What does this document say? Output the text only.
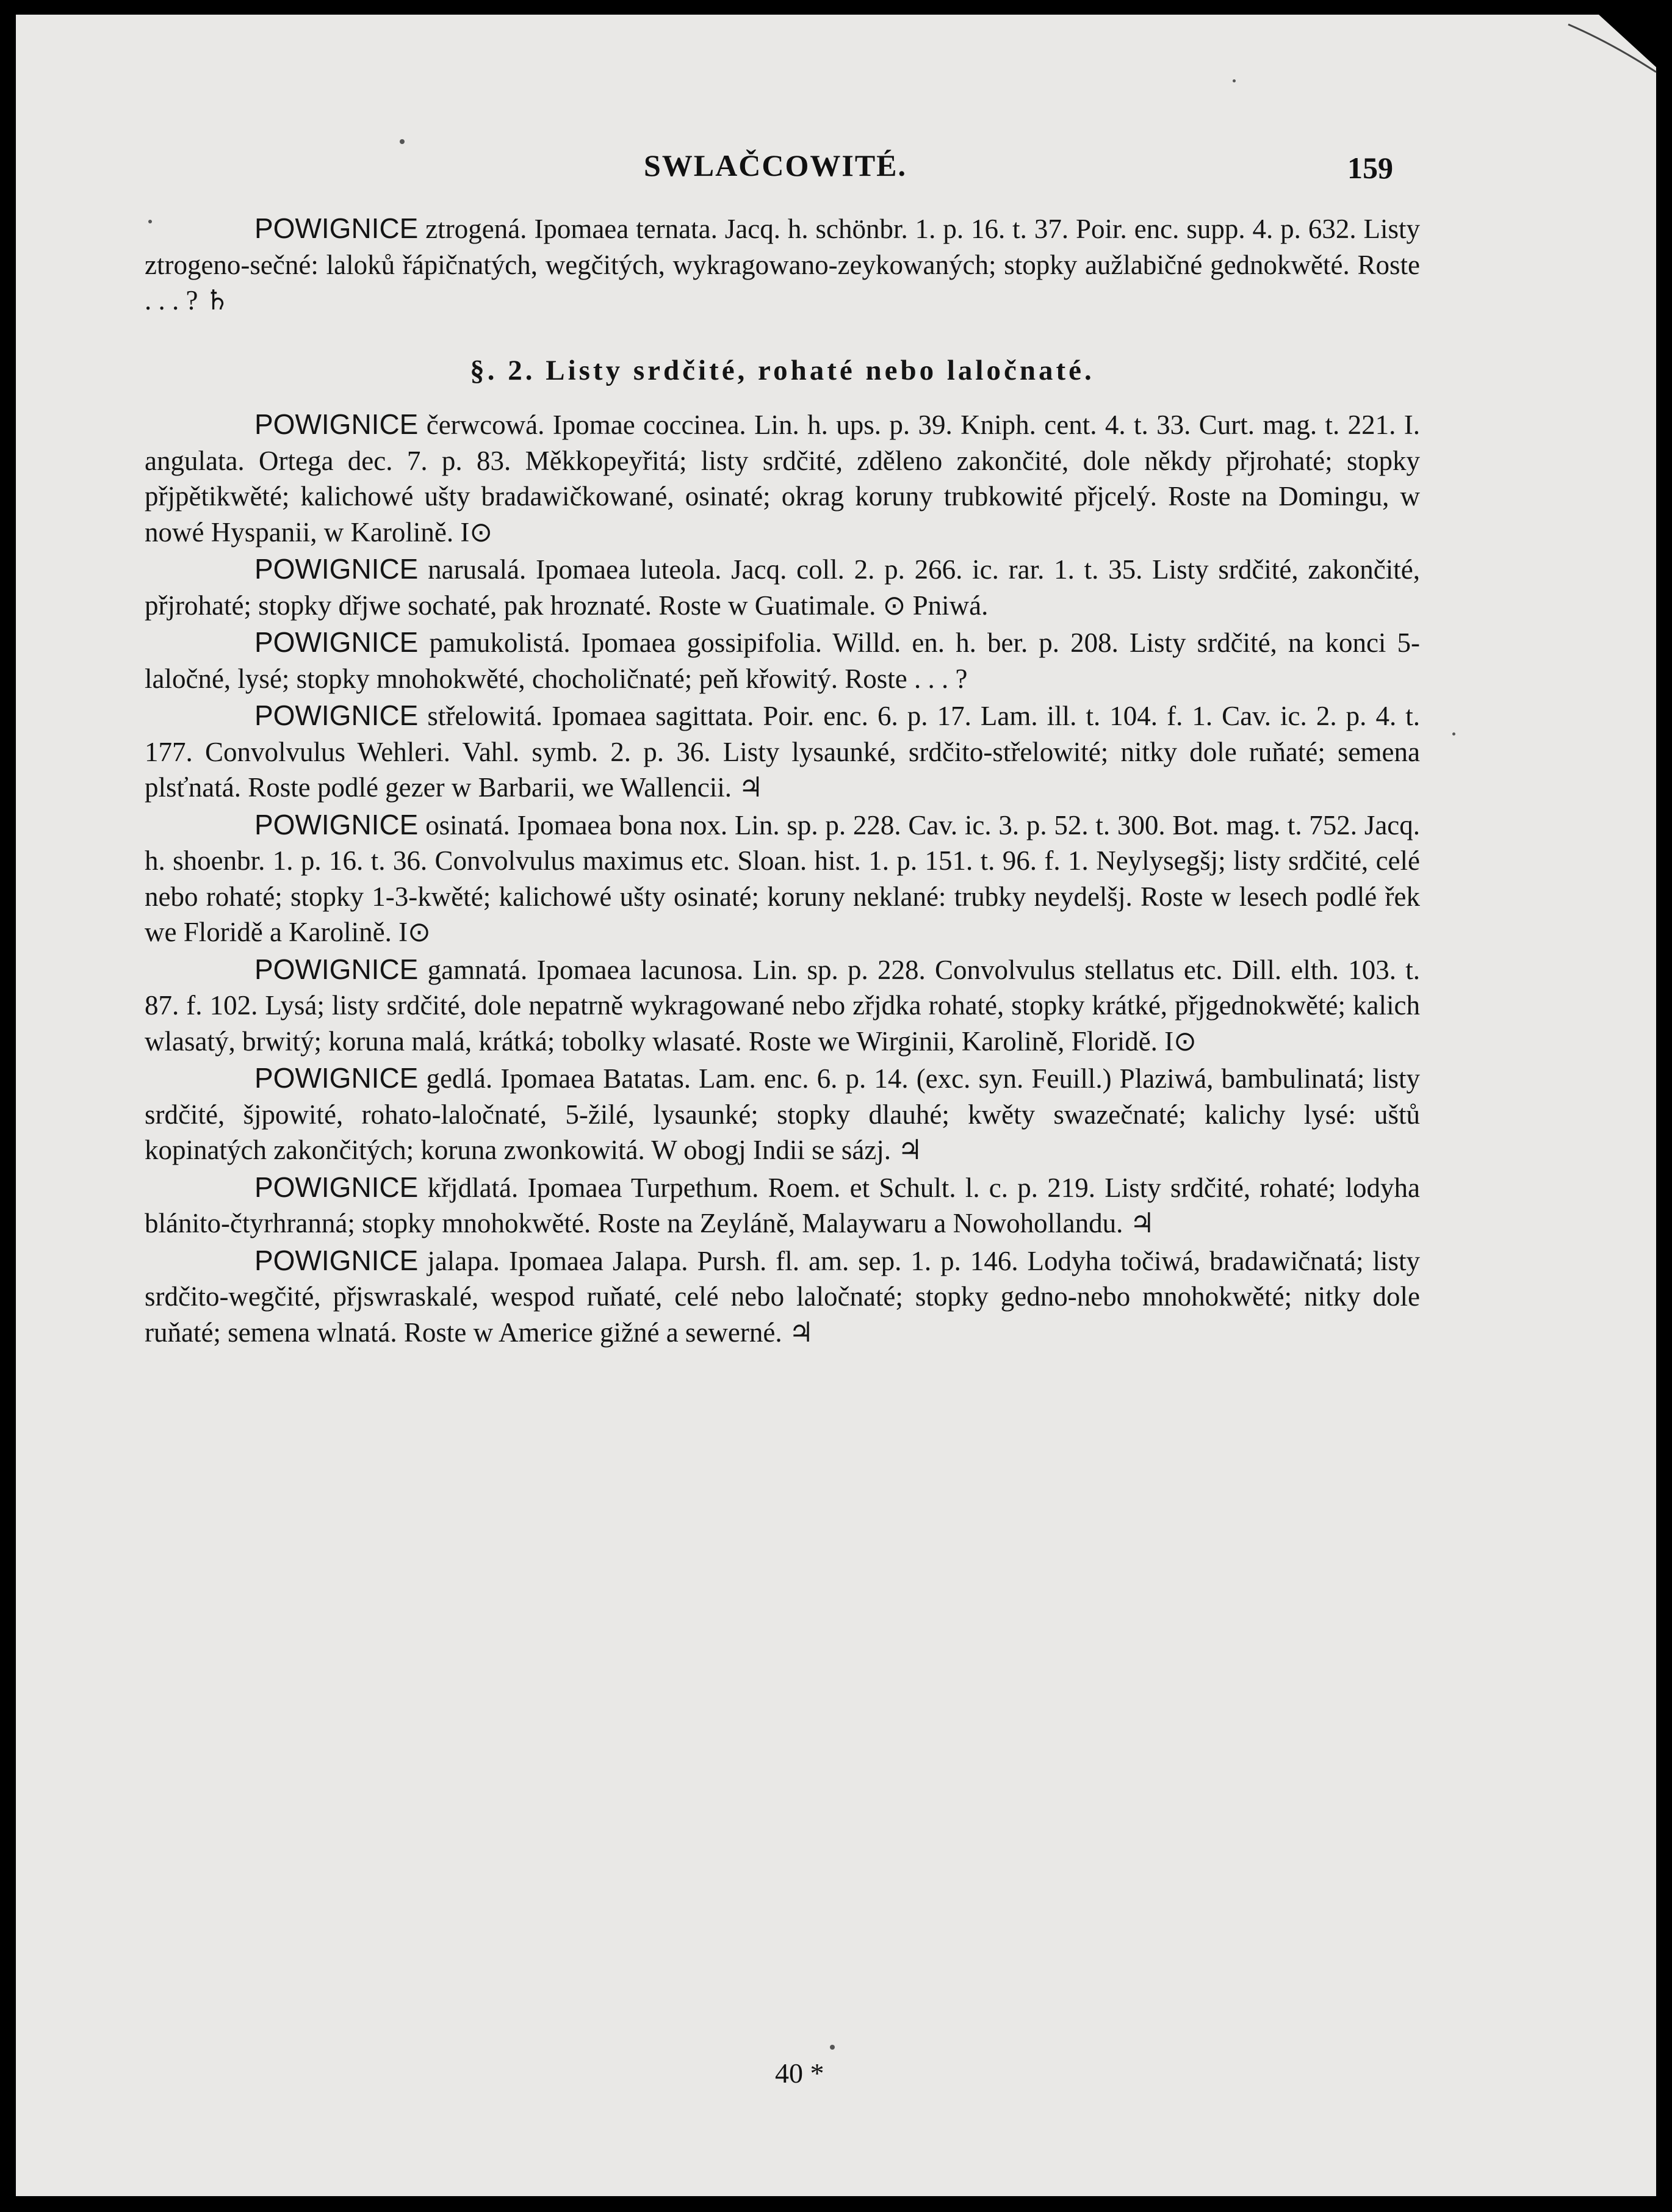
SWLAČCOWITÉ.	159

POWIGNICE ztrogená. Ipomaea ternata. Jacq. h. schönbr. 1. p. 16. t. 37. Poir. enc. supp. 4. p. 632. Listy ztrogeno-sečné: laloků řápičnatých, wegčitých, wykragowano-zeykowaných; stopky aužlabičné gednokwěté. Roste . . . ? ♄

§. 2. Listy srdčité, rohaté nebo laločnaté.

POWIGNICE čerwcowá. Ipomae coccinea. Lin. h. ups. p. 39. Kniph. cent. 4. t. 33. Curt. mag. t. 221. I. angulata. Ortega dec. 7. p. 83. Měkkopeyřitá; listy srdčité, zděleno zakončité, dole někdy přjrohaté; stopky přjpětikwěté; kalichowé ušty bradawičkowané, osinaté; okrag koruny trubkowité přjcelý. Roste na Domingu, w nowé Hyspanii, w Karolině. I⊙

POWIGNICE narusalá. Ipomaea luteola. Jacq. coll. 2. p. 266. ic. rar. 1. t. 35. Listy srdčité, zakončité, přjrohaté; stopky dřjwe sochaté, pak hroznaté. Roste w Guatimale. ⊙ Pniwá.

POWIGNICE pamukolistá. Ipomaea gossipifolia. Willd. en. h. ber. p. 208. Listy srdčité, na konci 5-laločné, lysé; stopky mnohokwěté, chocholičnaté; peň křowitý. Roste . . . ?

POWIGNICE střelowitá. Ipomaea sagittata. Poir. enc. 6. p. 17. Lam. ill. t. 104. f. 1. Cav. ic. 2. p. 4. t. 177. Convolvulus Wehleri. Vahl. symb. 2. p. 36. Listy lysaunké, srdčito-střelowité; nitky dole ruňaté; semena plsťnatá. Roste podlé gezer w Barbarii, we Wallencii. ♃

POWIGNICE osinatá. Ipomaea bona nox. Lin. sp. p. 228. Cav. ic. 3. p. 52. t. 300. Bot. mag. t. 752. Jacq. h. shoenbr. 1. p. 16. t. 36. Convolvulus maximus etc. Sloan. hist. 1. p. 151. t. 96. f. 1. Neylysegšj; listy srdčité, celé nebo rohaté; stopky 1-3-kwěté; kalichowé ušty osinaté; koruny neklané: trubky neydelšj. Roste w lesech podlé řek we Floridě a Karolině. I⊙

POWIGNICE gamnatá. Ipomaea lacunosa. Lin. sp. p. 228. Convolvulus stellatus etc. Dill. elth. 103. t. 87. f. 102. Lysá; listy srdčité, dole nepatrně wykragowané nebo zřjdka rohaté, stopky krátké, přjgednokwěté; kalich wlasatý, brwitý; koruna malá, krátká; tobolky wlasaté. Roste we Wirginii, Karolině, Floridě. I⊙

POWIGNICE gedlá. Ipomaea Batatas. Lam. enc. 6. p. 14. (exc. syn. Feuill.) Plaziwá, bambulinatá; listy srdčité, šjpowité, rohato-laločnaté, 5-žilé, lysaunké; stopky dlauhé; kwěty swazečnaté; kalichy lysé: uštů kopinatých zakončitých; koruna zwonkowitá. W obogj Indii se sázj. ♃

POWIGNICE křjdlatá. Ipomaea Turpethum. Roem. et Schult. l. c. p. 219. Listy srdčité, rohaté; lodyha blánito-čtyrhranná; stopky mnohokwěté. Roste na Zeyláně, Malaywaru a Nowohollandu. ♃

POWIGNICE jalapa. Ipomaea Jalapa. Pursh. fl. am. sep. 1. p. 146. Lodyha točiwá, bradawičnatá; listy srdčito-wegčité, přjswraskalé, wespod ruňaté, celé nebo laločnaté; stopky gedno-nebo mnohokwěté; nitky dole ruňaté; semena wlnatá. Roste w Americe gižné a sewerné. ♃

40 *
